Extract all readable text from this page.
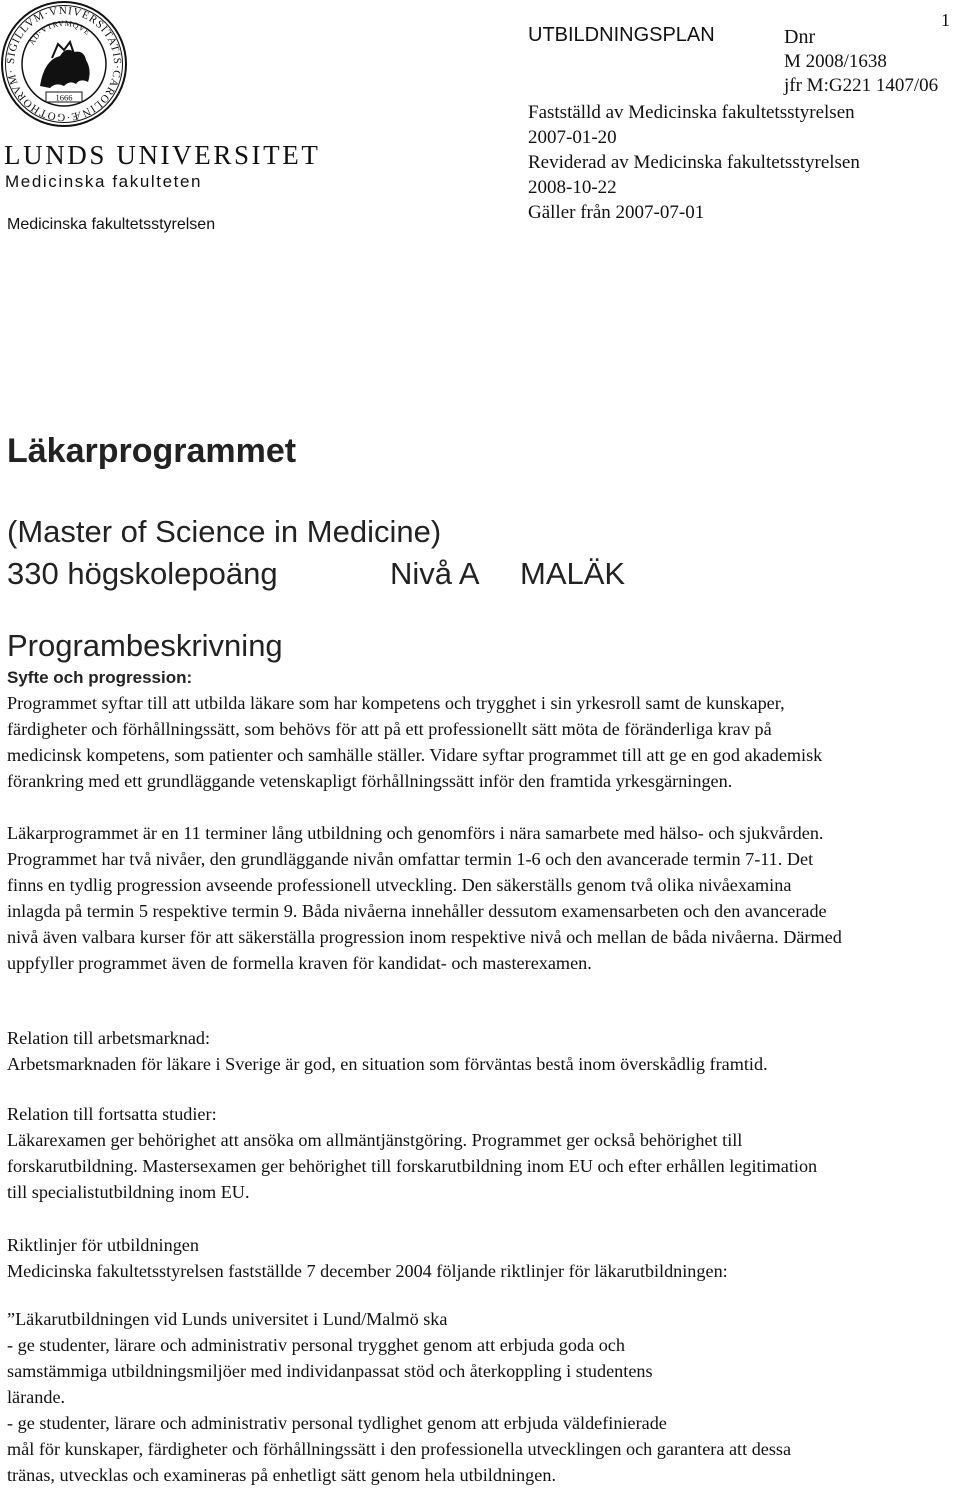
SIGILLVM·VNIVERSITATIS·CAROLINÆ·GOTHORVM·
AD·VTRVMQVE
1666
LUNDS UNIVERSITET
Medicinska fakulteten
Medicinska fakultetsstyrelsen
1
UTBILDNINGSPLAN	Dnr
M 2008/1638
jfr M:G221 1407/06
Fastställd av Medicinska fakultetsstyrelsen
2007-01-20
Reviderad av Medicinska fakultetsstyrelsen
2008-10-22
Gäller från 2007-07-01
Läkarprogrammet
(Master of Science in Medicine)
330 högskolepoäng	Nivå A MALÄK
Programbeskrivning
Syfte och progression:
Programmet syftar till att utbilda läkare som har kompetens och trygghet i sin yrkesroll samt de kunskaper,
färdigheter och förhållningssätt, som behövs för att på ett professionellt sätt möta de föränderliga krav på
medicinsk kompetens, som patienter och samhälle ställer. Vidare syftar programmet till att ge en god akademisk
förankring med ett grundläggande vetenskapligt förhållningssätt inför den framtida yrkesgärningen.
Läkarprogrammet är en 11 terminer lång utbildning och genomförs i nära samarbete med hälso- och sjukvården.
Programmet har två nivåer, den grundläggande nivån omfattar termin 1-6 och den avancerade termin 7-11. Det
finns en tydlig progression avseende professionell utveckling. Den säkerställs genom två olika nivåexamina
inlagda på termin 5 respektive termin 9. Båda nivåerna innehåller dessutom examensarbeten och den avancerade
nivå även valbara kurser för att säkerställa progression inom respektive nivå och mellan de båda nivåerna. Därmed
uppfyller programmet även de formella kraven för kandidat- och masterexamen.
Relation till arbetsmarknad:
Arbetsmarknaden för läkare i Sverige är god, en situation som förväntas bestå inom överskådlig framtid.
Relation till fortsatta studier:
Läkarexamen ger behörighet att ansöka om allmäntjänstgöring. Programmet ger också behörighet till
forskarutbildning. Mastersexamen ger behörighet till forskarutbildning inom EU och efter erhållen legitimation
till specialistutbildning inom EU.
Riktlinjer för utbildningen
Medicinska fakultetsstyrelsen fastställde 7 december 2004 följande riktlinjer för läkarutbildningen:
”Läkarutbildningen vid Lunds universitet i Lund/Malmö ska
- ge studenter, lärare och administrativ personal trygghet genom att erbjuda goda och
samstämmiga utbildningsmiljöer med individanpassat stöd och återkoppling i studentens
lärande.
- ge studenter, lärare och administrativ personal tydlighet genom att erbjuda väldefinierade
mål för kunskaper, färdigheter och förhållningssätt i den professionella utvecklingen och garantera att dessa
tränas, utvecklas och examineras på enhetligt sätt genom hela utbildningen.
